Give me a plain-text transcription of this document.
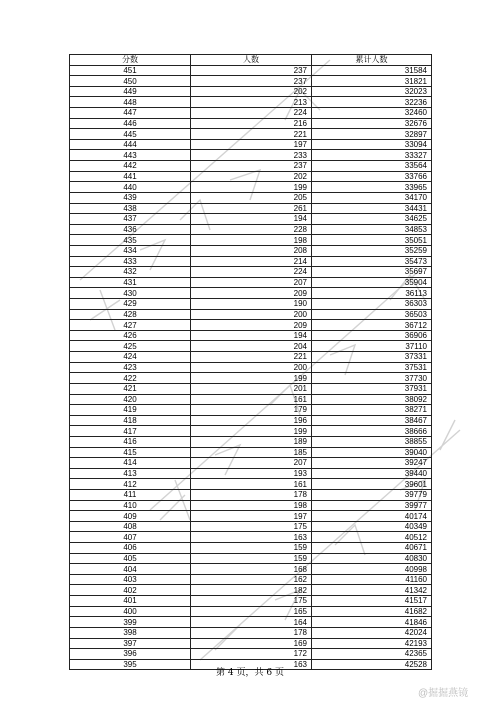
分数	人数	累计人数
451	237	31584
450	237	31821
449	202	32023
448	213	32236
447	224	32460
446	216	32676
445	221	32897
444	197	33094
443	233	33327
442	237	33564
441	202	33766
440	199	33965
439	205	34170
438	261	34431
437	194	34625
436	228	34853
435	198	35051
434	208	35259
433	214	35473
432	224	35697
431	207	35904
430	209	36113
429	190	36303
428	200	36503
427	209	36712
426	194	36906
425	204	37110
424	221	37331
423	200	37531
422	199	37730
421	201	37931
420	161	38092
419	179	38271
418	196	38467
417	199	38666
416	189	38855
415	185	39040
414	207	39247
413	193	39440
412	161	39601
411	178	39779
410	198	39977
409	197	40174
408	175	40349
407	163	40512
406	159	40671
405	159	40830
404	168	40998
403	162	41160
402	182	41342
401	175	41517
400	165	41682
399	164	41846
398	178	42024
397	169	42193
396	172	42365
395	163	42528
第 4 页，共 6 页
@掘掘燕镜
